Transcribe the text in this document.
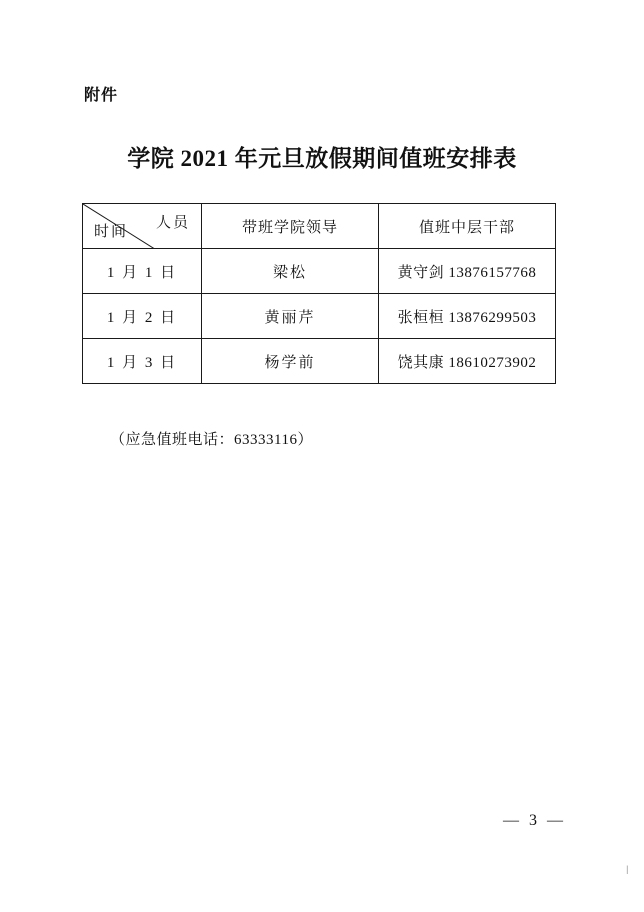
附件
学院 2021 年元旦放假期间值班安排表
人员
时间	带班学院领导	值班中层干部
1 月 1 日	梁松	黄守剑 13876157768
1 月 2 日	黄丽芹	张桓桓 13876299503
1 月 3 日	杨学前	饶其康 18610273902
（应急值班电话：63333116）
— 3 —
|
